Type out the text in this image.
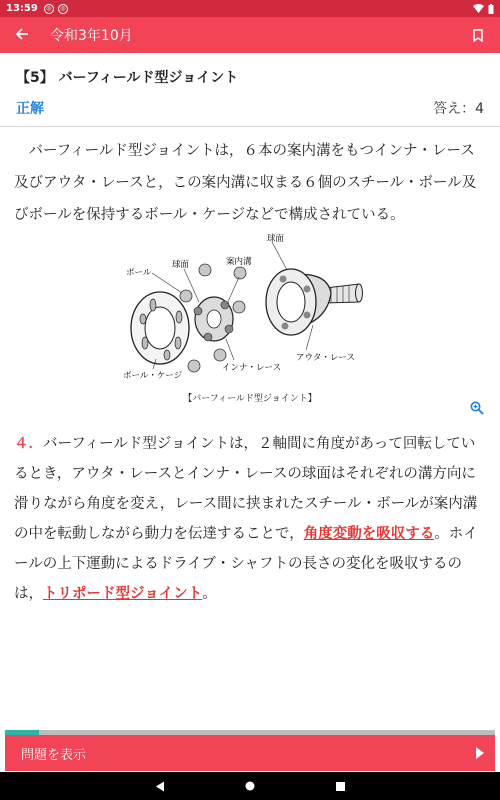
13:59	◎	◎
令和3年10月
【5】 バーフィールド型ジョイント
正解	答え：4
バーフィールド型ジョイントは，６本の案内溝をもつインナ・レース及びアウタ・レースと，この案内溝に収まる６個のスチール・ボール及びボールを保持するボール・ケージなどで構成されている。
球面
球面
ボール
案内溝
アウタ・レース
インナ・レース
ボール・ケージ
【バーフィールド型ジョイント】
４．バーフィールド型ジョイントは，２軸間に角度があって回転しているとき，アウタ・レースとインナ・レースの球面はそれぞれの溝方向に滑りながら角度を変え，レース間に挟まれたスチール・ボールが案内溝の中を転動しながら動力を伝達することで，角度変動を吸収する。ホイールの上下運動によるドライブ・シャフトの長さの変化を吸収するのは，トリポード型ジョイント。
問題を表示
